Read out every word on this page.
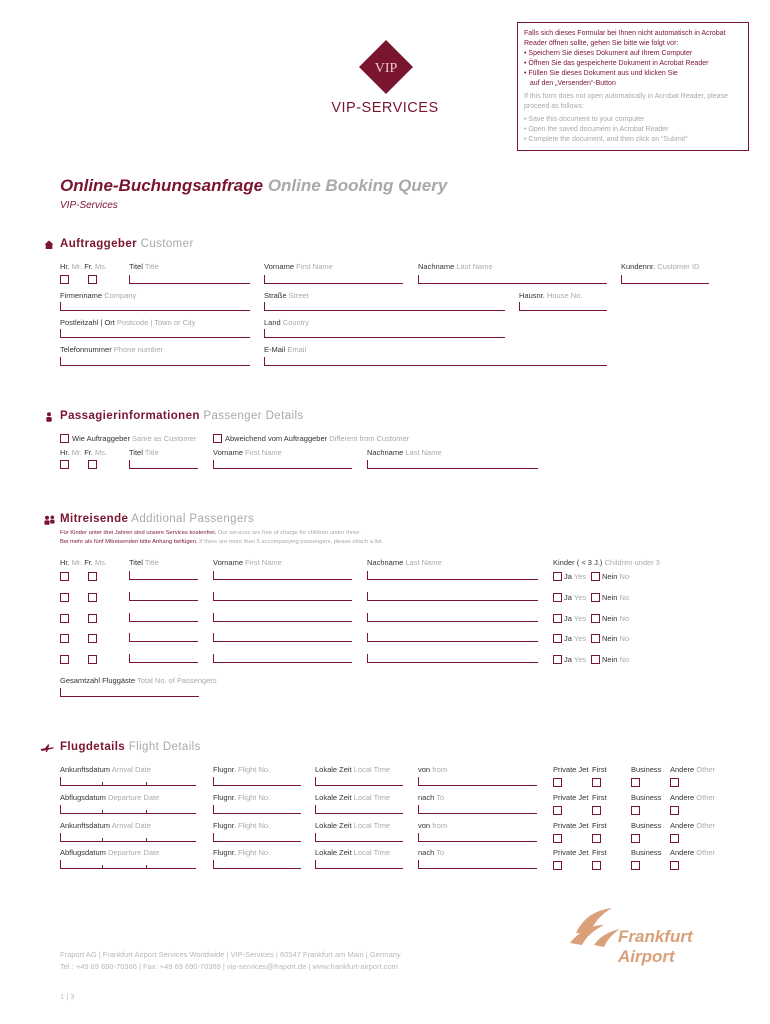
VIP
VIP-SERVICES
Falls sich dieses Formular bei Ihnen nicht automatisch in Acrobat Reader öffnen sollte, gehen Sie bitte wie folgt vor:
• Speichern Sie dieses Dokument auf Ihrem Computer
• Öffnen Sie das gespeicherte Dokument in Acrobat Reader
• Füllen Sie dieses Dokument aus und klicken Sie
auf den „Versenden“-Button
If this form does not open automatically in Acrobat Reader, please proceed as follows:
• Save this document to your computer
• Open the saved document in Acrobat Reader
• Complete the document, and then click on “Submit”
Online-Buchungsanfrage Online Booking Query
VIP-Services
Auftraggeber Customer
Hr. Mr. Fr. Ms.	Titel Title	Vorname First Name	Nachname Last Name	Kundennr. Customer ID
Firmenname Company	Straße Street	Hausnr. House No.
Postleitzahl | Ort Postcode | Town or City	Land Country
Telefonnummer Phone number	E-Mail Email
Passagierinformationen Passenger Details
Wie Auftraggeber Same as Customer	Abweichend vom Auftraggeber Different from Customer
Hr. Mr. Fr. Ms.	Titel Title	Vorname First Name	Nachname Last Name
Mitreisende Additional Passengers
Für Kinder unter drei Jahren sind unsere Services kostenfrei. Our services are free of charge for children under three.
Bei mehr als fünf Mitreisenden bitte Anhang beifügen. If there are more than 5 accompanying passengers, please attach a list.
Hr. Mr. Fr. Ms.	Titel Title	Vorname First Name	Nachname Last Name	Kinder ( < 3 J.) Children under 3
Ja Yes Nein No
Ja Yes Nein No
Ja Yes Nein No
Ja Yes Nein No
Ja Yes Nein No
Gesamtzahl Fluggäste Total No. of Passengers
Flugdetails Flight Details
Ankunftsdatum Arrival Date	Flugnr. Flight No.	Lokale Zeit Local Time	von from	Private Jet First	Business Andere Other
Abflugsdatum Departure Date	Flugnr. Flight No.	Lokale Zeit Local Time	nach To	Private Jet First	Business Andere Other
Ankunftsdatum Arrival Date	Flugnr. Flight No.	Lokale Zeit Local Time	von from	Private Jet First	Business Andere Other
Abflugsdatum Departure Date	Flugnr. Flight No.	Lokale Zeit Local Time	nach To	Private Jet First	Business Andere Other
Fraport AG | Frankfurt Airport Services Worldwide | VIP-Services | 60547 Frankfurt am Main | Germany
Tel.: +49 69 690-70366 | Fax: +49 69 690-70369 | vip-services@fraport.de | www.frankfurt-airport.com
1 | 3
Frankfurt
Airport
